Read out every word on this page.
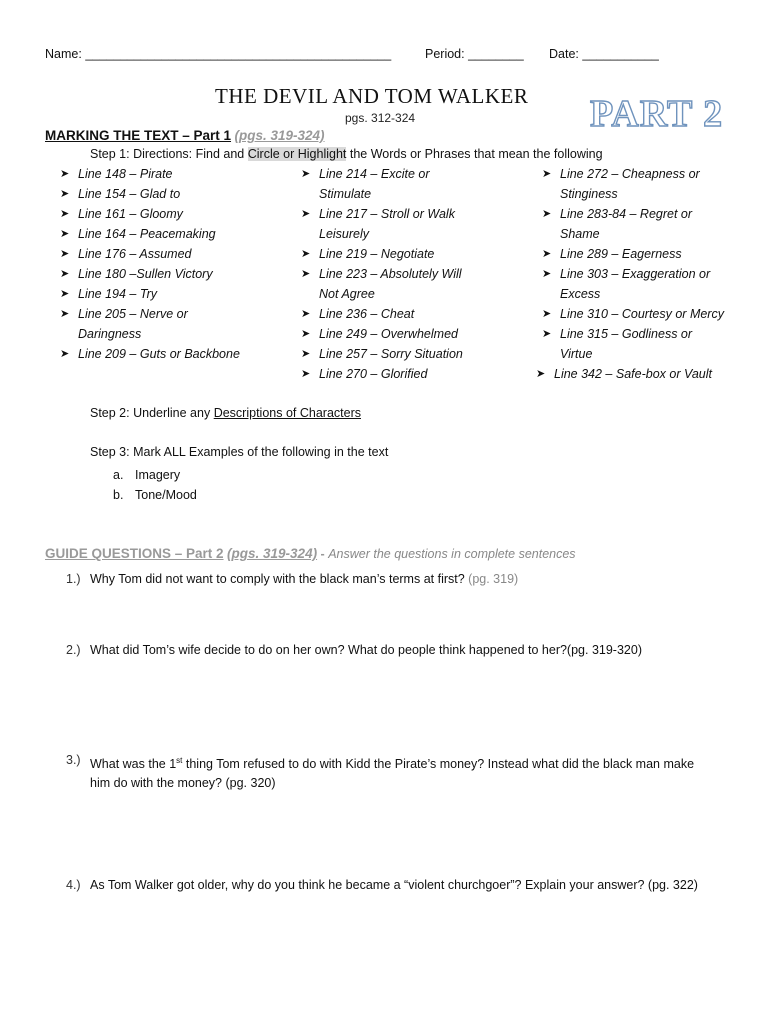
Name: ____________________________________________	Period: ________ Date: ___________
THE DEVIL AND TOM WALKER
pgs. 312-324	PART 2
MARKING THE TEXT – Part 1 (pgs. 319-324)
Step 1: Directions: Find and Circle or Highlight the Words or Phrases that mean the following
➤ Line 148 – Pirate
➤ Line 154 – Glad to
➤ Line 161 – Gloomy
➤ Line 164 – Peacemaking
➤ Line 176 – Assumed
➤ Line 180 –Sullen Victory
➤ Line 194 – Try
➤ Line 205 – Nerve or
Daringness
➤ Line 209 – Guts or Backbone
➤ Line 214 – Excite or
Stimulate
➤ Line 217 – Stroll or Walk
Leisurely
➤ Line 219 – Negotiate
➤ Line 223 – Absolutely Will
Not Agree
➤ Line 236 – Cheat
➤ Line 249 – Overwhelmed
➤ Line 257 – Sorry Situation
➤ Line 270 – Glorified
➤ Line 272 – Cheapness or
Stinginess
➤ Line 283-84 – Regret or
Shame
➤ Line 289 – Eagerness
➤ Line 303 – Exaggeration or
Excess
➤ Line 310 – Courtesy or Mercy
➤ Line 315 – Godliness or
Virtue
➤ Line 342 – Safe-box or Vault
Step 2: Underline any Descriptions of Characters
Step 3: Mark ALL Examples of the following in the text
a. Imagery
b. Tone/Mood
GUIDE QUESTIONS – Part 2 (pgs. 319-324) - Answer the questions in complete sentences
1.) Why Tom did not want to comply with the black man’s terms at first? (pg. 319)
2.) What did Tom’s wife decide to do on her own? What do people think happened to her?(pg. 319-320)
3.) What was the 1st thing Tom refused to do with Kidd the Pirate’s money? Instead what did the black man make him do with the money? (pg. 320)
4.) As Tom Walker got older, why do you think he became a “violent churchgoer”? Explain your answer? (pg. 322)
